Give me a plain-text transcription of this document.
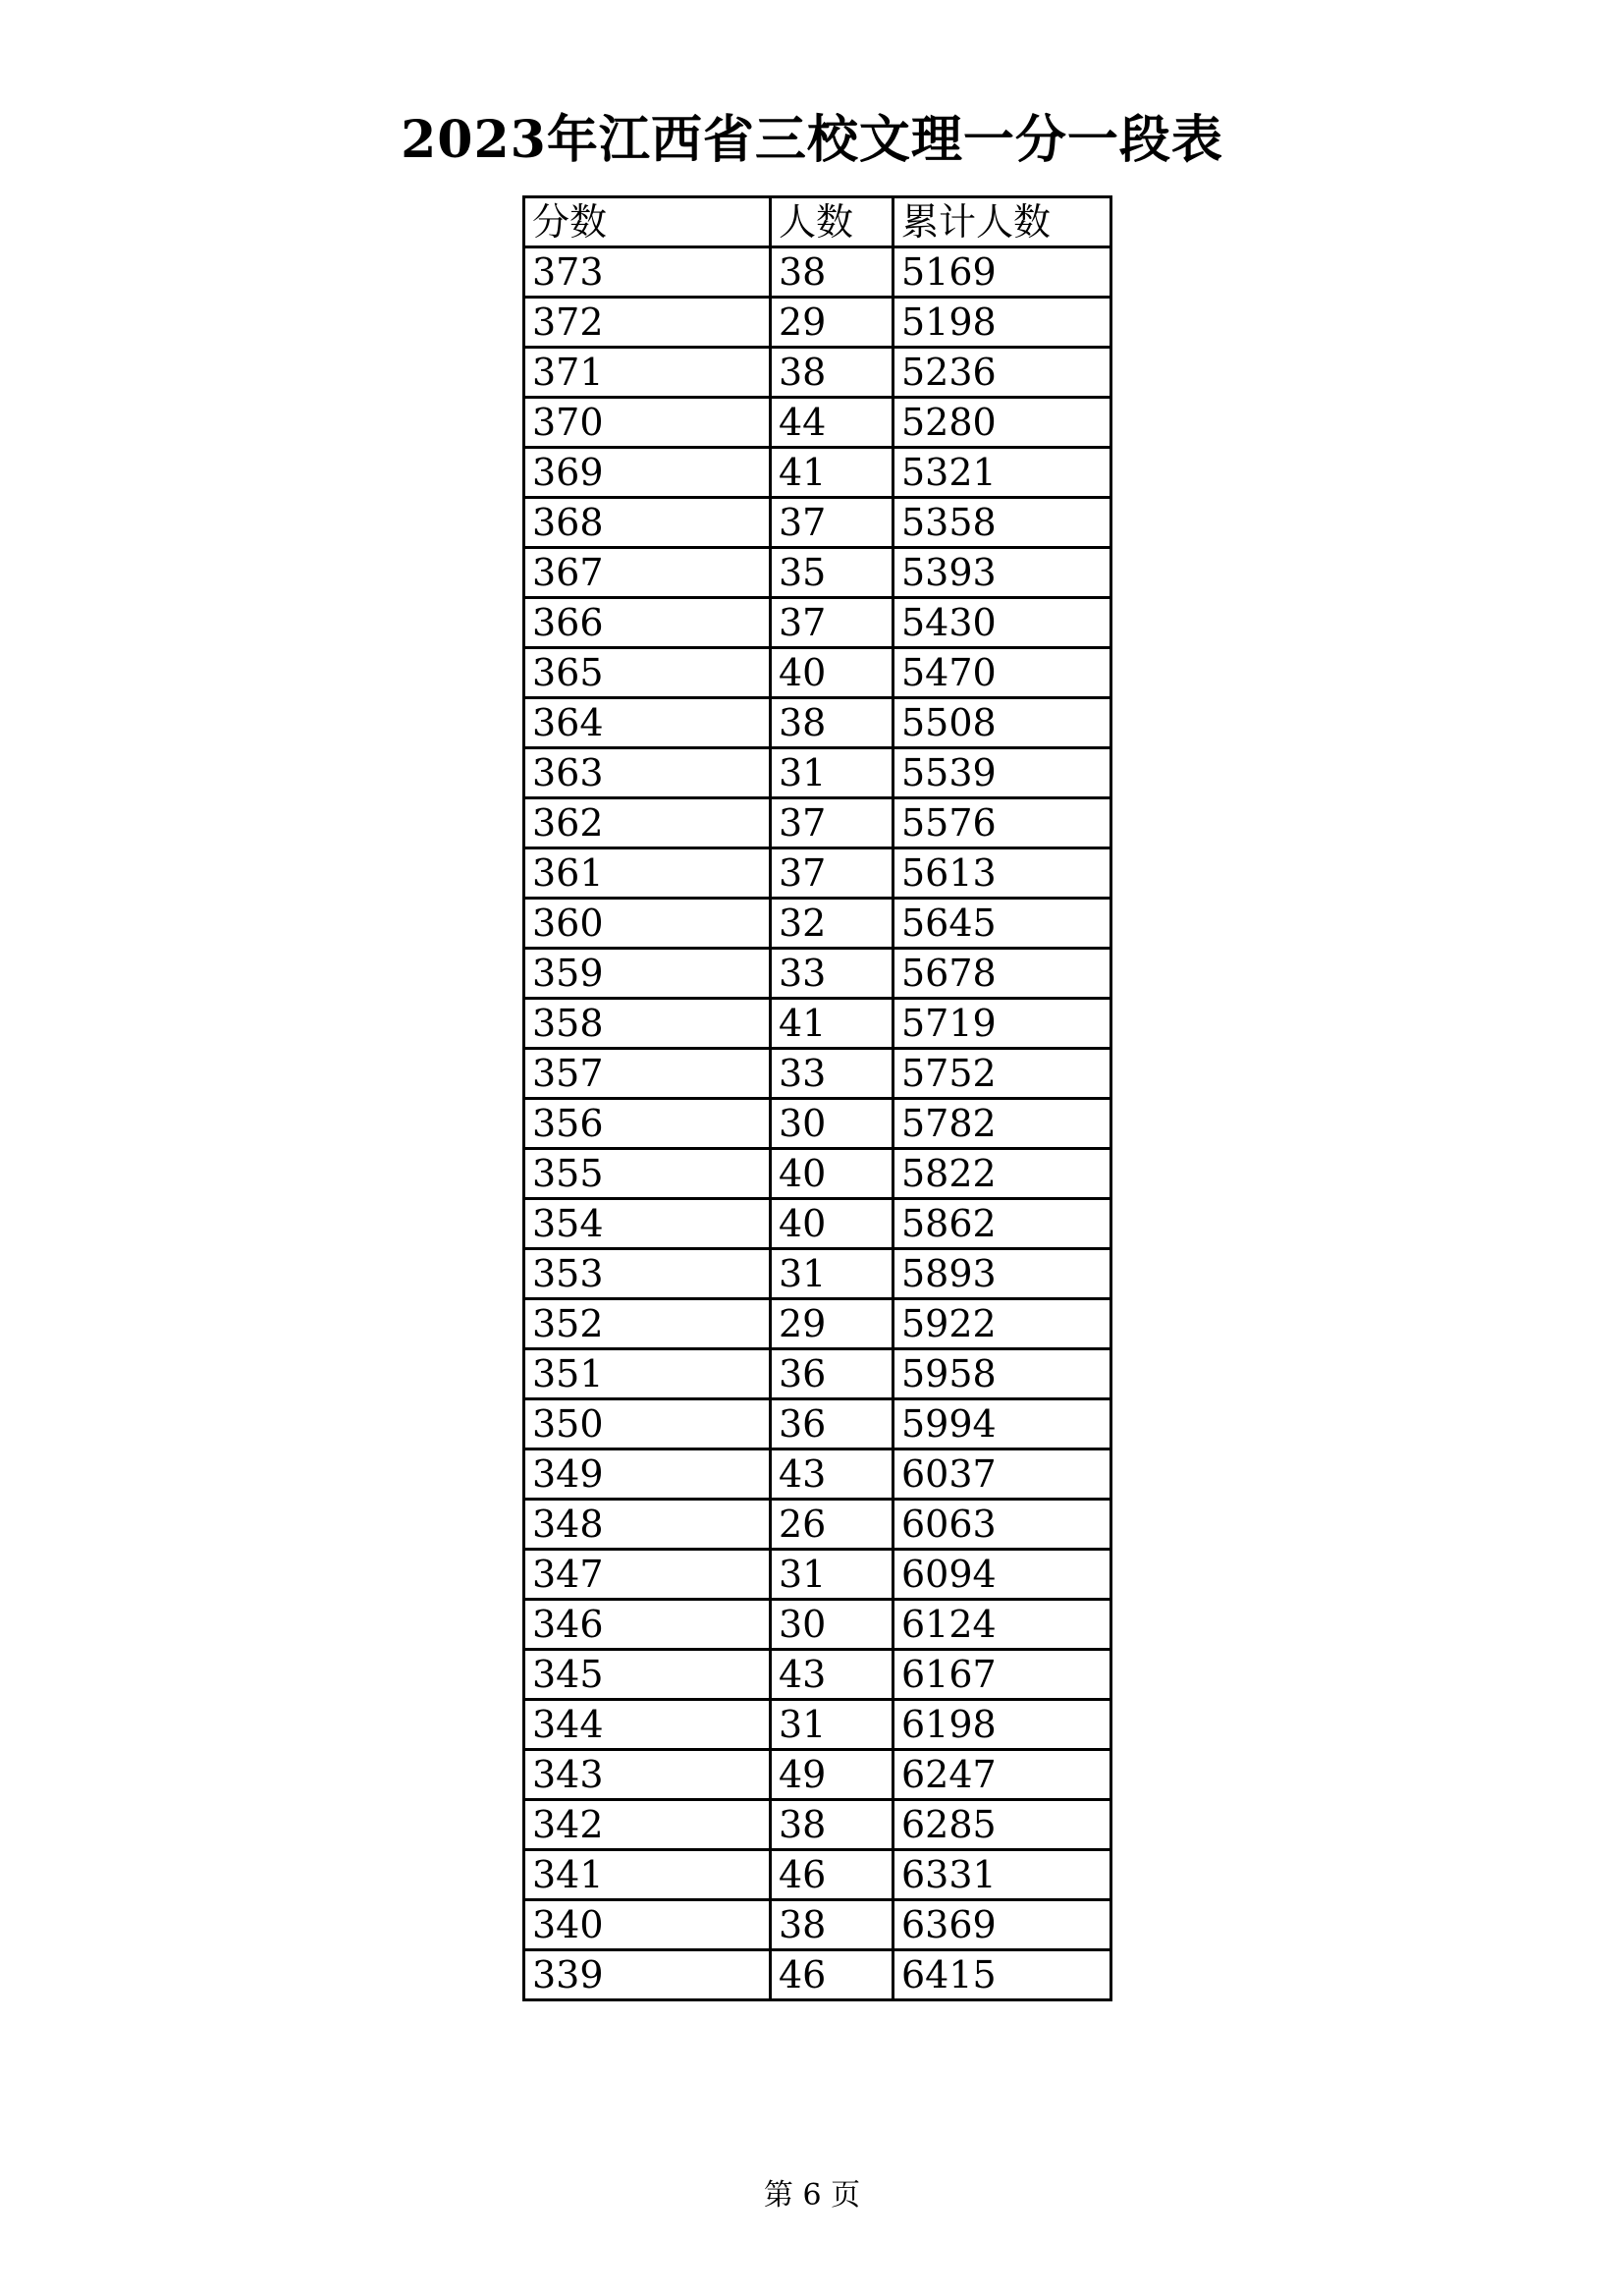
2023年江西省三校文理一分一段表
分数	人数	累计人数
373	38	5169
372	29	5198
371	38	5236
370	44	5280
369	41	5321
368	37	5358
367	35	5393
366	37	5430
365	40	5470
364	38	5508
363	31	5539
362	37	5576
361	37	5613
360	32	5645
359	33	5678
358	41	5719
357	33	5752
356	30	5782
355	40	5822
354	40	5862
353	31	5893
352	29	5922
351	36	5958
350	36	5994
349	43	6037
348	26	6063
347	31	6094
346	30	6124
345	43	6167
344	31	6198
343	49	6247
342	38	6285
341	46	6331
340	38	6369
339	46	6415
第 6 页
